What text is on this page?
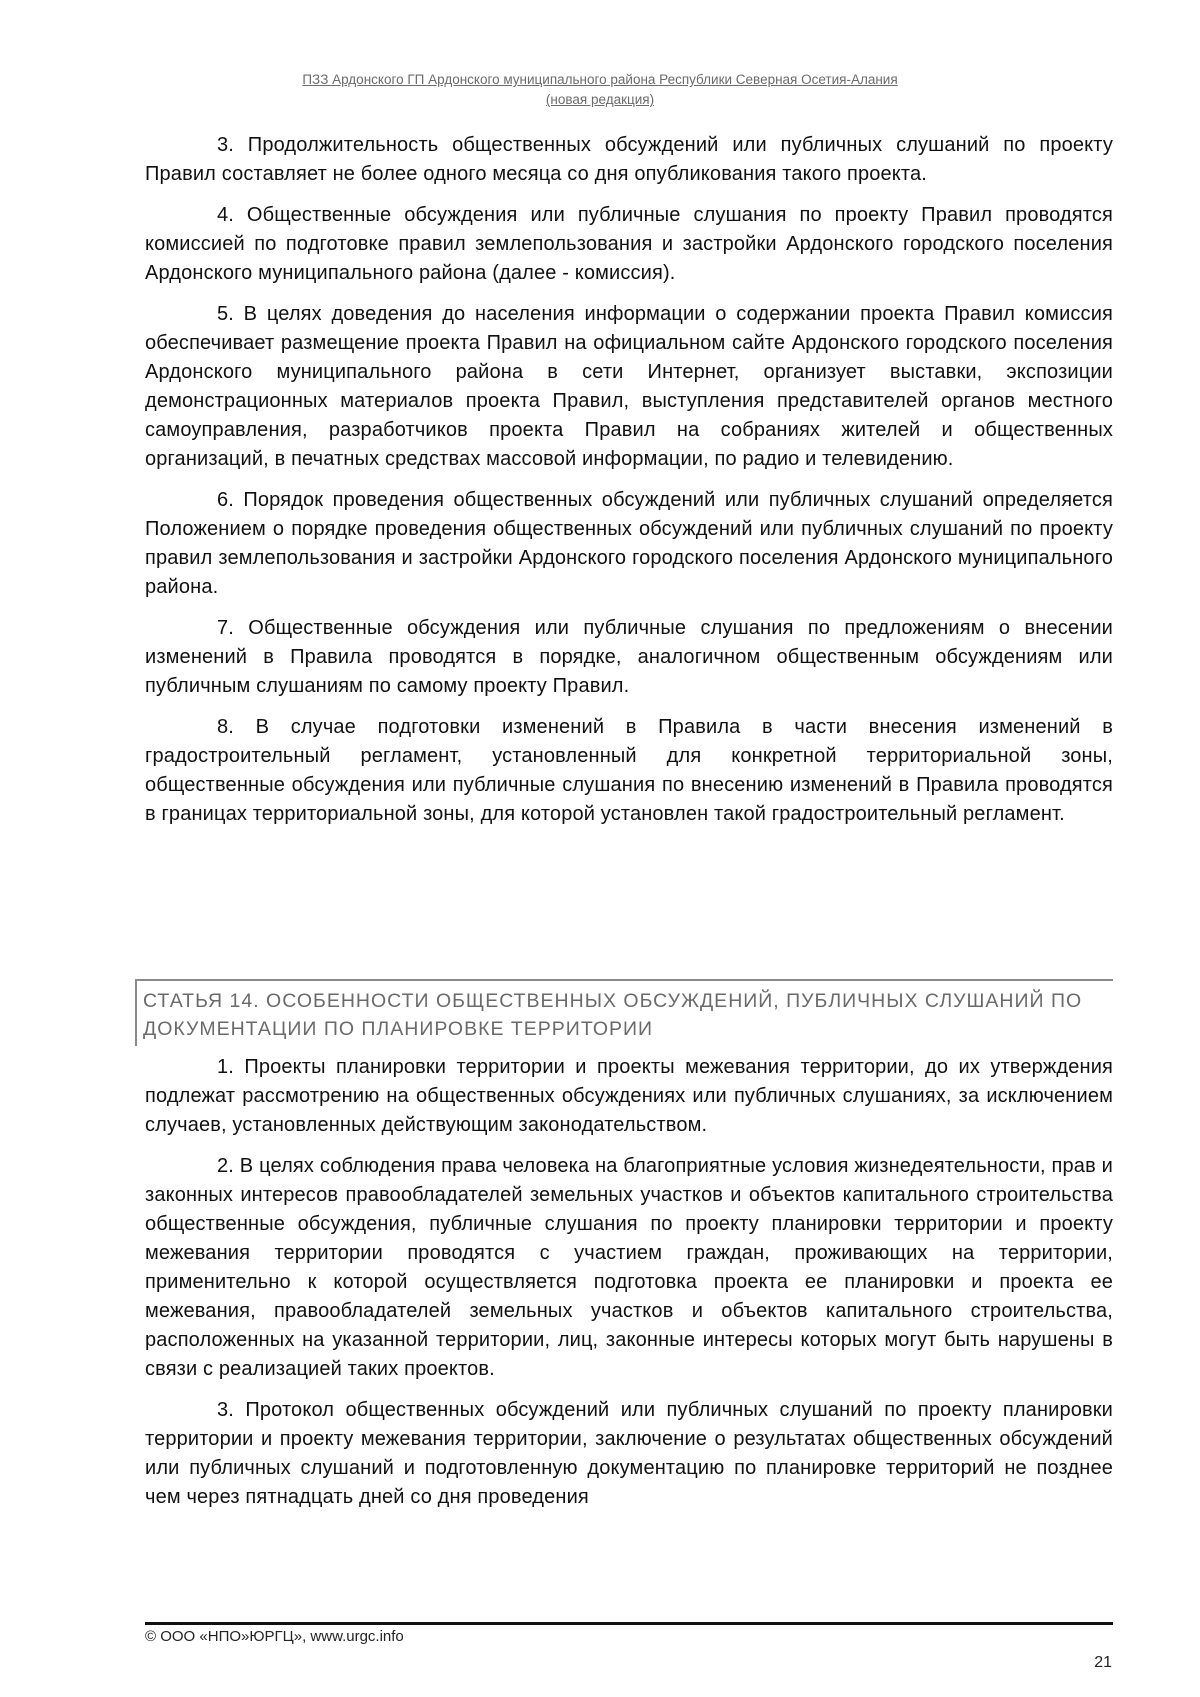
ПЗЗ Ардонского ГП Ардонского муниципального района Республики Северная Осетия-Алания
(новая редакция)

3. Продолжительность общественных обсуждений или публичных слушаний по проекту Правил составляет не более одного месяца со дня опубликования такого проекта.

4. Общественные обсуждения или публичные слушания по проекту Правил проводятся комиссией по подготовке правил землепользования и застройки Ардонского городского поселения Ардонского муниципального района (далее - комиссия).

5. В целях доведения до населения информации о содержании проекта Правил комиссия обеспечивает размещение проекта Правил на официальном сайте Ардонского городского поселения Ардонского муниципального района в сети Интернет, организует выставки, экспозиции демонстрационных материалов проекта Правил, выступления представителей органов местного самоуправления, разработчиков проекта Правил на собраниях жителей и общественных организаций, в печатных средствах массовой информации, по радио и телевидению.

6. Порядок проведения общественных обсуждений или публичных слушаний определяется Положением о порядке проведения общественных обсуждений или публичных слушаний по проекту правил землепользования и застройки Ардонского городского поселения Ардонского муниципального района.

7. Общественные обсуждения или публичные слушания по предложениям о внесении изменений в Правила проводятся в порядке, аналогичном общественным обсуждениям или публичным слушаниям по самому проекту Правил.

8. В случае подготовки изменений в Правила в части внесения изменений в градостроительный регламент, установленный для конкретной территориальной зоны, общественные обсуждения или публичные слушания по внесению изменений в Правила проводятся в границах территориальной зоны, для которой установлен такой градостроительный регламент.

СТАТЬЯ 14. ОСОБЕННОСТИ ОБЩЕСТВЕННЫХ ОБСУЖДЕНИЙ, ПУБЛИЧНЫХ СЛУШАНИЙ ПО ДОКУМЕНТАЦИИ ПО ПЛАНИРОВКЕ ТЕРРИТОРИИ

1. Проекты планировки территории и проекты межевания территории, до их утверждения подлежат рассмотрению на общественных обсуждениях или публичных слушаниях, за исключением случаев, установленных действующим законодательством.

2. В целях соблюдения права человека на благоприятные условия жизнедеятельности, прав и законных интересов правообладателей земельных участков и объектов капитального строительства общественные обсуждения, публичные слушания по проекту планировки территории и проекту межевания территории проводятся с участием граждан, проживающих на территории, применительно к которой осуществляется подготовка проекта ее планировки и проекта ее межевания, правообладателей земельных участков и объектов капитального строительства, расположенных на указанной территории, лиц, законные интересы которых могут быть нарушены в связи с реализацией таких проектов.

3. Протокол общественных обсуждений или публичных слушаний по проекту планировки территории и проекту межевания территории, заключение о результатах общественных обсуждений или публичных слушаний и подготовленную документацию по планировке территорий не позднее чем через пятнадцать дней со дня проведения

© ООО «НПО»ЮРГЦ», www.urgc.info
21
